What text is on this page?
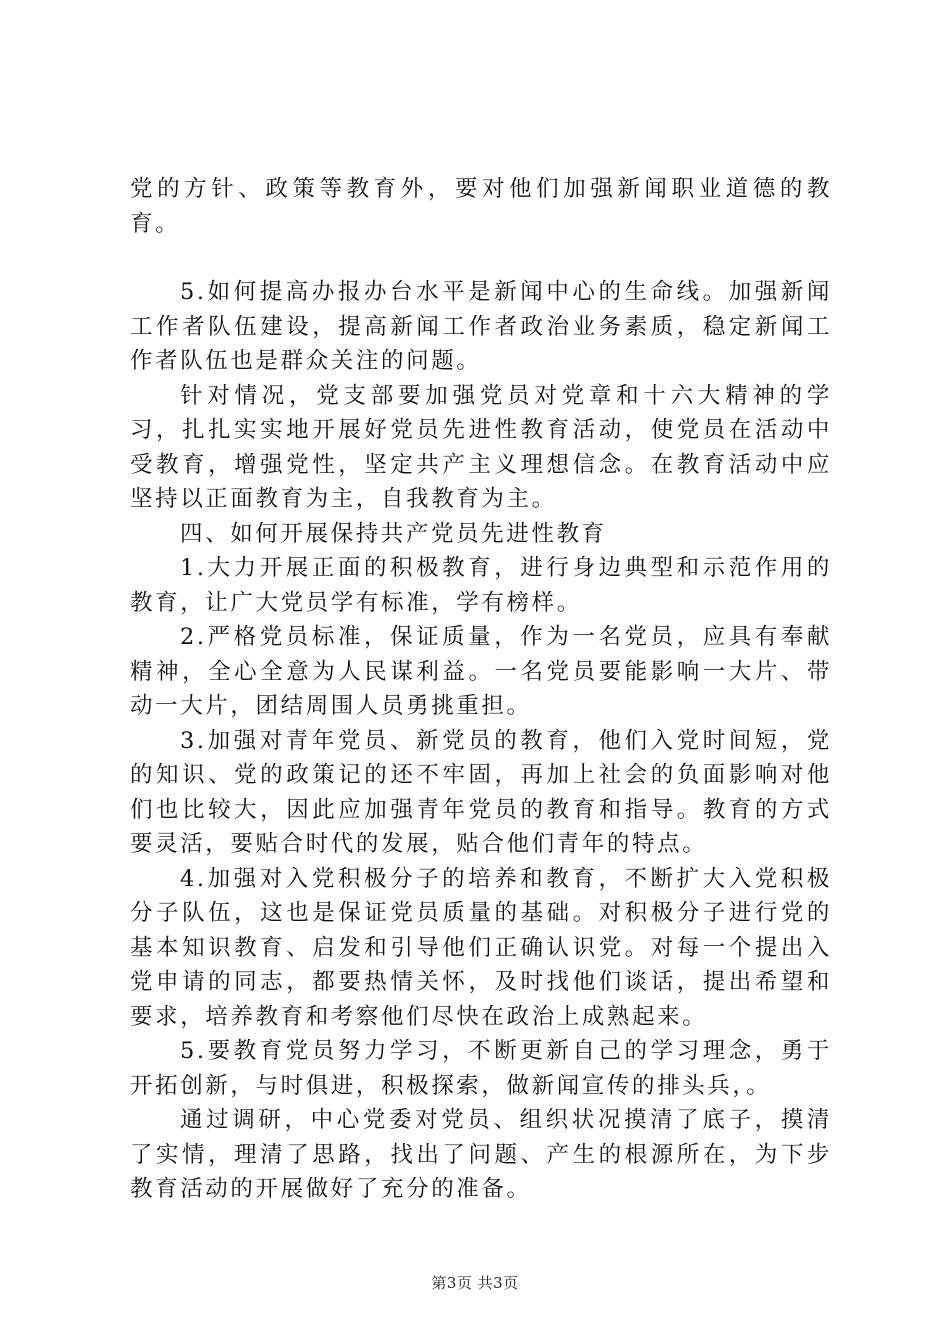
党的方针、政策等教育外，要对他们加强新闻职业道德的教育。

5.如何提高办报办台水平是新闻中心的生命线。加强新闻工作者队伍建设，提高新闻工作者政治业务素质，稳定新闻工作者队伍也是群众关注的问题。

针对情况，党支部要加强党员对党章和十六大精神的学习，扎扎实实地开展好党员先进性教育活动，使党员在活动中受教育，增强党性，坚定共产主义理想信念。在教育活动中应坚持以正面教育为主，自我教育为主。

四、如何开展保持共产党员先进性教育

1.大力开展正面的积极教育，进行身边典型和示范作用的教育，让广大党员学有标准，学有榜样。

2.严格党员标准，保证质量，作为一名党员，应具有奉献精神，全心全意为人民谋利益。一名党员要能影响一大片、带动一大片，团结周围人员勇挑重担。

3.加强对青年党员、新党员的教育，他们入党时间短，党的知识、党的政策记的还不牢固，再加上社会的负面影响对他们也比较大，因此应加强青年党员的教育和指导。教育的方式要灵活，要贴合时代的发展，贴合他们青年的特点。

4.加强对入党积极分子的培养和教育，不断扩大入党积极分子队伍，这也是保证党员质量的基础。对积极分子进行党的基本知识教育、启发和引导他们正确认识党。对每一个提出入党申请的同志，都要热情关怀，及时找他们谈话，提出希望和要求，培养教育和考察他们尽快在政治上成熟起来。

5.要教育党员努力学习，不断更新自己的学习理念，勇于开拓创新，与时俱进，积极探索，做新闻宣传的排头兵，。

通过调研，中心党委对党员、组织状况摸清了底子，摸清了实情，理清了思路，找出了问题、产生的根源所在，为下步教育活动的开展做好了充分的准备。

第3页 共3页
